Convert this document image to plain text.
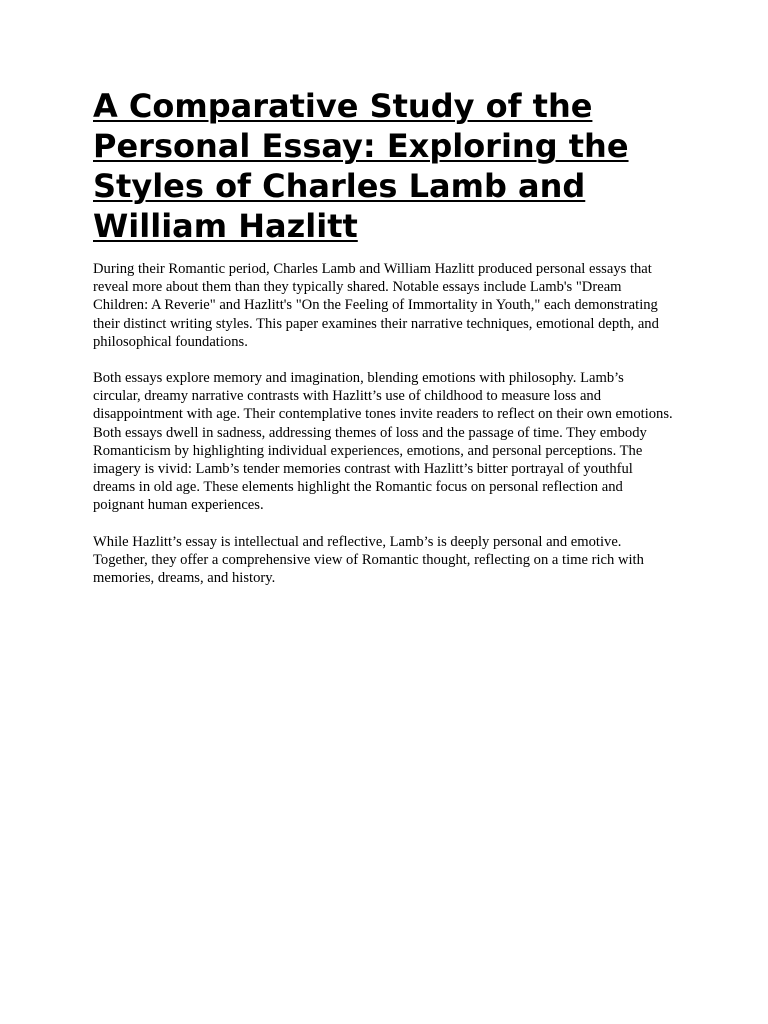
A Comparative Study of the Personal Essay: Exploring the Styles of Charles Lamb and William Hazlitt

During their Romantic period, Charles Lamb and William Hazlitt produced personal essays that reveal more about them than they typically shared. Notable essays include Lamb's "Dream Children: A Reverie" and Hazlitt's "On the Feeling of Immortality in Youth," each demonstrating their distinct writing styles. This paper examines their narrative techniques, emotional depth, and philosophical foundations.

Both essays explore memory and imagination, blending emotions with philosophy. Lamb’s circular, dreamy narrative contrasts with Hazlitt’s use of childhood to measure loss and disappointment with age. Their contemplative tones invite readers to reflect on their own emotions. Both essays dwell in sadness, addressing themes of loss and the passage of time. They embody Romanticism by highlighting individual experiences, emotions, and personal perceptions. The imagery is vivid: Lamb’s tender memories contrast with Hazlitt’s bitter portrayal of youthful dreams in old age. These elements highlight the Romantic focus on personal reflection and poignant human experiences.

While Hazlitt’s essay is intellectual and reflective, Lamb’s is deeply personal and emotive. Together, they offer a comprehensive view of Romantic thought, reflecting on a time rich with memories, dreams, and history.
